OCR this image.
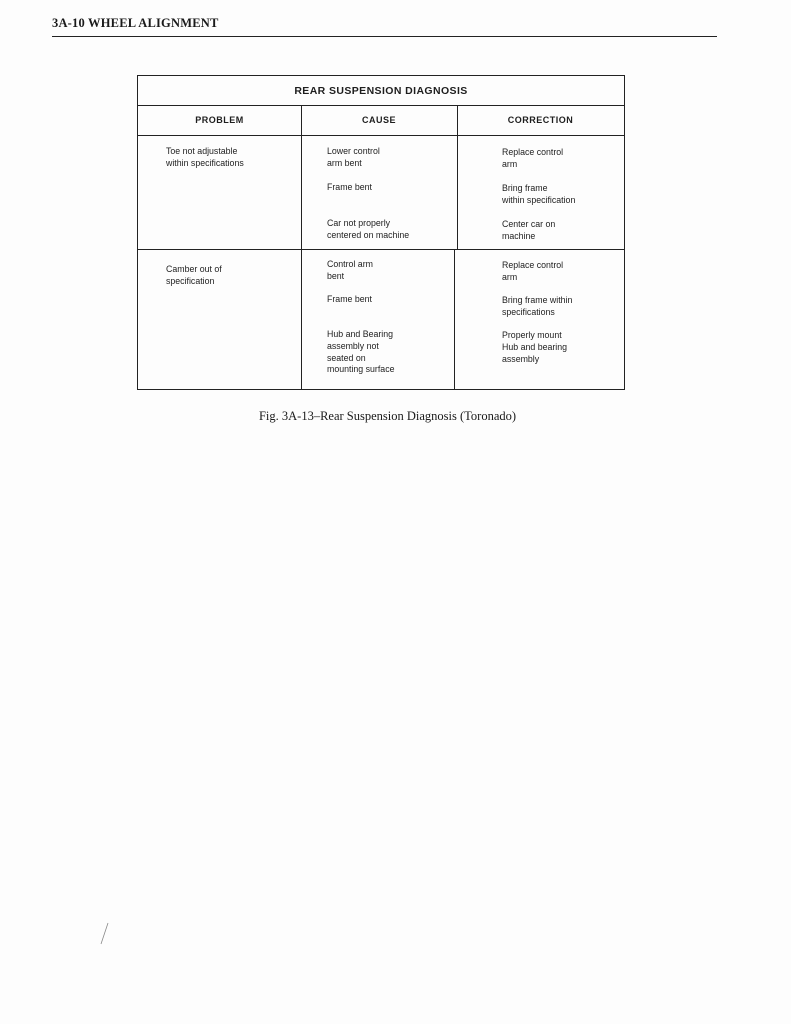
3A-10 WHEEL ALIGNMENT
REAR SUSPENSION DIAGNOSIS
PROBLEM	CAUSE	CORRECTION
Toe not adjustable
within specifications
Lower control
arm bent
Frame bent
Car not properly
centered on machine
Replace control
arm
Bring frame
within specification
Center car on
machine
Camber out of
specification
Control arm
bent
Frame bent
Hub and Bearing
assembly not
seated on
mounting surface
Replace control
arm
Bring frame within
specifications
Properly mount
Hub and bearing
assembly
Fig. 3A-13–Rear Suspension Diagnosis (Toronado)
